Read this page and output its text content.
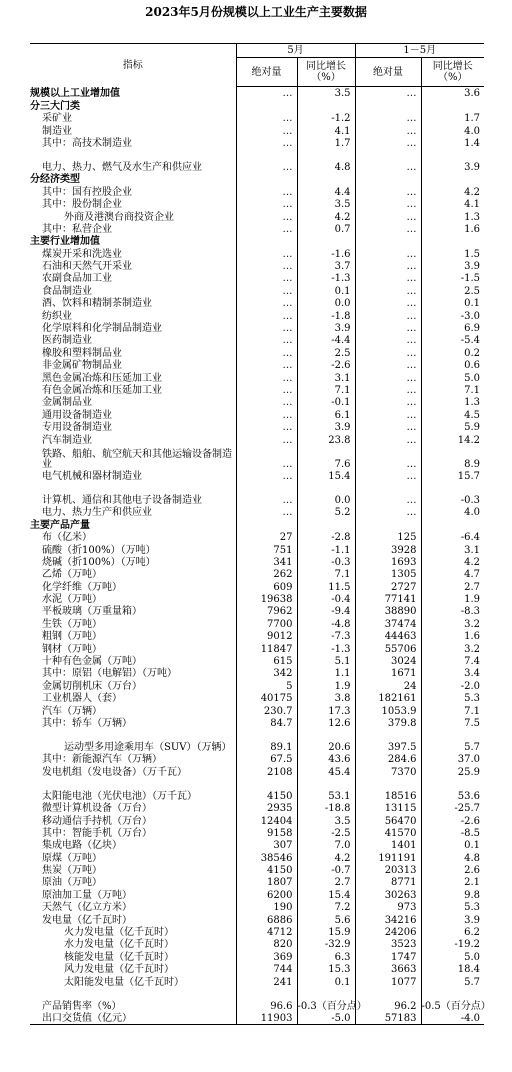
2023年5月份规模以上工业生产主要数据
指标	5月		1－5月	
	绝对量	同比增长（%）	绝对量	同比增长（%）
规模以上工业增加值	…	3.5	…	3.6
分三大门类				
采矿业	…	-1.2	…	1.7
制造业	…	4.1	…	4.0
其中：高技术制造业	…	1.7	…	1.4
电力、热力、燃气及水生产和供应业	…	4.8	…	3.9
分经济类型				
其中：国有控股企业	…	4.4	…	4.2
其中：股份制企业	…	3.5	…	4.1
外商及港澳台商投资企业	…	4.2	…	1.3
其中：私营企业	…	0.7	…	1.6
主要行业增加值				
煤炭开采和洗选业	…	-1.6	…	1.5
石油和天然气开采业	…	3.7	…	3.9
农副食品加工业	…	-1.3	…	-1.5
食品制造业	…	0.1	…	2.5
酒、饮料和精制茶制造业	…	0.0	…	0.1
纺织业	…	-1.8	…	-3.0
化学原料和化学制品制造业	…	3.9	…	6.9
医药制造业	…	-4.4	…	-5.4
橡胶和塑料制品业	…	2.5	…	0.2
非金属矿物制品业	…	-2.6	…	0.6
黑色金属冶炼和压延加工业	…	3.1	…	5.0
有色金属冶炼和压延加工业	…	7.1	…	7.1
金属制品业	…	-0.1	…	1.3
通用设备制造业	…	6.1	…	4.5
专用设备制造业	…	3.9	…	5.9
汽车制造业	…	23.8	…	14.2
铁路、船舶、航空航天和其他运输设备制造业	…	7.6	…	8.9
电气机械和器材制造业	…	15.4	…	15.7
计算机、通信和其他电子设备制造业	…	0.0	…	-0.3
电力、热力生产和供应业	…	5.2	…	4.0
主要产品产量				
布（亿米）	27	-2.8	125	-6.4
硫酸（折100%）（万吨）	751	-1.1	3928	3.1
烧碱（折100%）（万吨）	341	-0.3	1693	4.2
乙烯（万吨）	262	7.1	1305	4.7
化学纤维（万吨）	609	11.5	2727	2.7
水泥（万吨）	19638	-0.4	77141	1.9
平板玻璃（万重量箱）	7962	-9.4	38890	-8.3
生铁（万吨）	7700	-4.8	37474	3.2
粗钢（万吨）	9012	-7.3	44463	1.6
钢材（万吨）	11847	-1.3	55706	3.2
十种有色金属（万吨）	615	5.1	3024	7.4
其中：原铝（电解铝）（万吨）	342	1.1	1671	3.4
金属切削机床（万台）	5	1.9	24	-2.0
工业机器人（套）	40175	3.8	182161	5.3
汽车（万辆）	230.7	17.3	1053.9	7.1
其中：轿车（万辆）	84.7	12.6	379.8	7.5
运动型多用途乘用车（SUV）（万辆）	89.1	20.6	397.5	5.7
其中：新能源汽车（万辆）	67.5	43.6	284.6	37.0
发电机组（发电设备）（万千瓦）	2108	45.4	7370	25.9
太阳能电池（光伏电池）（万千瓦）	4150	53.1	18516	53.6
微型计算机设备（万台）	2935	-18.8	13115	-25.7
移动通信手持机（万台）	12404	3.5	56470	-2.6
其中：智能手机（万台）	9158	-2.5	41570	-8.5
集成电路（亿块）	307	7.0	1401	0.1
原煤（万吨）	38546	4.2	191191	4.8
焦炭（万吨）	4150	-0.7	20313	2.6
原油（万吨）	1807	2.7	8771	2.1
原油加工量（万吨）	6200	15.4	30263	9.8
天然气（亿立方米）	190	7.2	973	5.3
发电量（亿千瓦时）	6886	5.6	34216	3.9
火力发电量（亿千瓦时）	4712	15.9	24206	6.2
水力发电量（亿千瓦时）	820	-32.9	3523	-19.2
核能发电量（亿千瓦时）	369	6.3	1747	5.0
风力发电量（亿千瓦时）	744	15.3	3663	18.4
太阳能发电量（亿千瓦时）	241	0.1	1077	5.7
产品销售率（%）	96.6	-0.3（百分点）	96.2	-0.5（百分点）
出口交货值（亿元）	11903	-5.0	57183	-4.0
